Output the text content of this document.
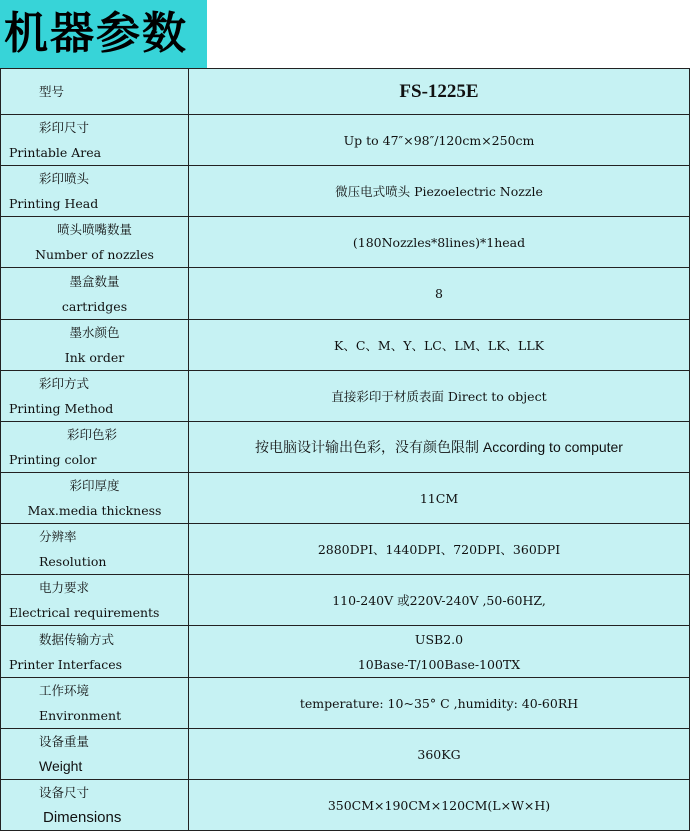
机器参数
型号	FS-1225E

彩印尺寸
Printable Area	Up to 47″×98″/120cm×250cm

彩印喷头
Printing Head	微压电式喷头 Piezoelectric Nozzle

喷头喷嘴数量
Number of nozzles	(180Nozzles*8lines)*1head

墨盒数量
cartridges	8

墨水颜色
Ink order	K、C、M、Y、LC、LM、LK、LLK

彩印方式
Printing Method	直接彩印于材质表面 Direct to object

彩印色彩
Printing color	按电脑设计输出色彩，没有颜色限制 According to computer

彩印厚度
Max.media thickness	11CM

分辨率
Resolution	2880DPI、1440DPI、720DPI、360DPI

电力要求
Electrical requirements	110-240V 或220V-240V ,50-60HZ,

数据传输方式
Printer Interfaces	USB2.0
10Base-T/100Base-100TX

工作环境
Environment	temperature: 10~35° C ,humidity: 40-60RH

设备重量
Weight	360KG

设备尺寸
Dimensions	350CM×190CM×120CM(L×W×H)
